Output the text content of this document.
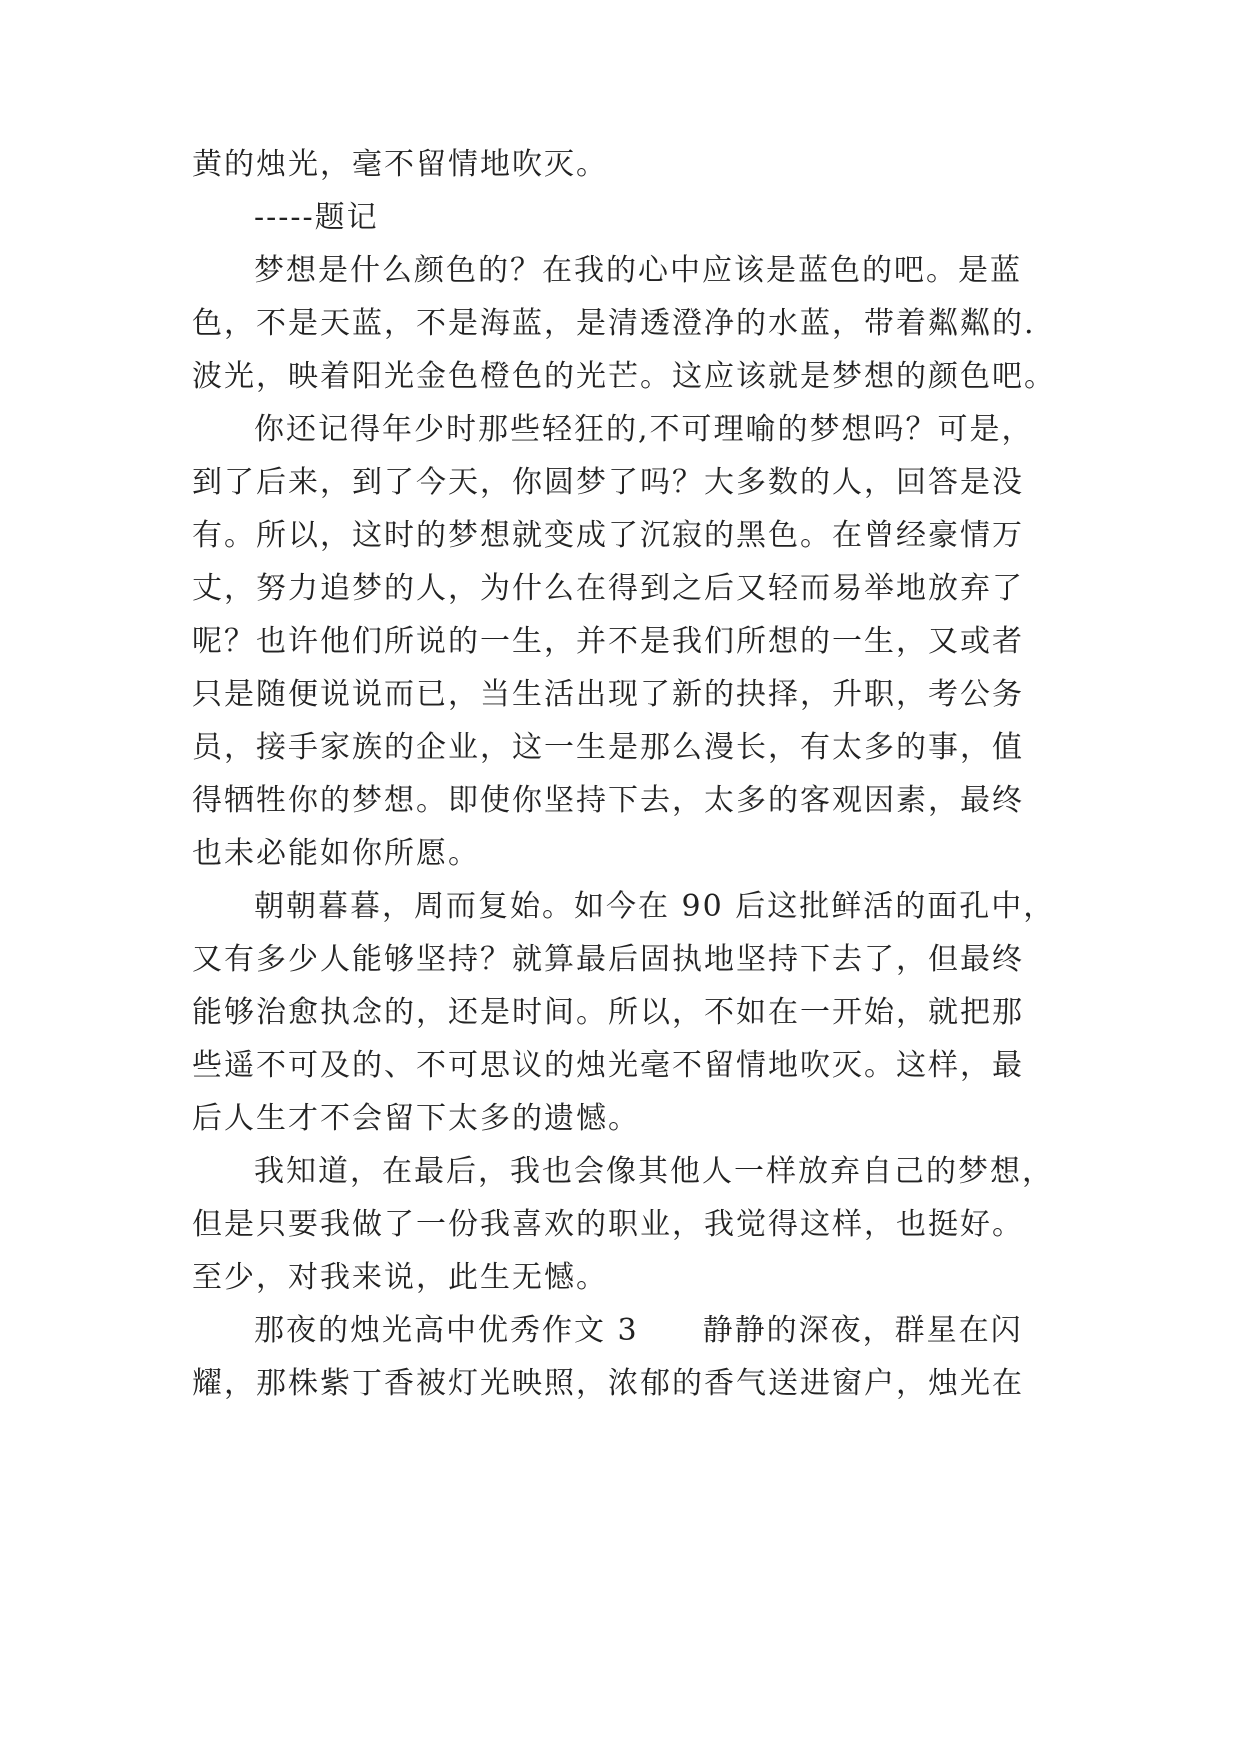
黄的烛光，毫不留情地吹灭。
-----题记
梦想是什么颜色的？在我的心中应该是蓝色的吧。是蓝
色，不是天蓝，不是海蓝，是清透澄净的水蓝，带着粼粼的.
波光，映着阳光金色橙色的光芒。这应该就是梦想的颜色吧。
你还记得年少时那些轻狂的,不可理喻的梦想吗？可是，
到了后来，到了今天，你圆梦了吗？大多数的人，回答是没
有。所以，这时的梦想就变成了沉寂的黑色。在曾经豪情万
丈，努力追梦的人，为什么在得到之后又轻而易举地放弃了
呢？也许他们所说的一生，并不是我们所想的一生，又或者
只是随便说说而已，当生活出现了新的抉择，升职，考公务
员，接手家族的企业，这一生是那么漫长，有太多的事，值
得牺牲你的梦想。即使你坚持下去，太多的客观因素，最终
也未必能如你所愿。
朝朝暮暮，周而复始。如今在 90 后这批鲜活的面孔中，
又有多少人能够坚持？就算最后固执地坚持下去了，但最终
能够治愈执念的，还是时间。所以，不如在一开始，就把那
些遥不可及的、不可思议的烛光毫不留情地吹灭。这样，最
后人生才不会留下太多的遗憾。
我知道，在最后，我也会像其他人一样放弃自己的梦想，
但是只要我做了一份我喜欢的职业，我觉得这样，也挺好。
至少，对我来说，此生无憾。
那夜的烛光高中优秀作文 3　　静静的深夜，群星在闪
耀，那株紫丁香被灯光映照，浓郁的香气送进窗户，烛光在
